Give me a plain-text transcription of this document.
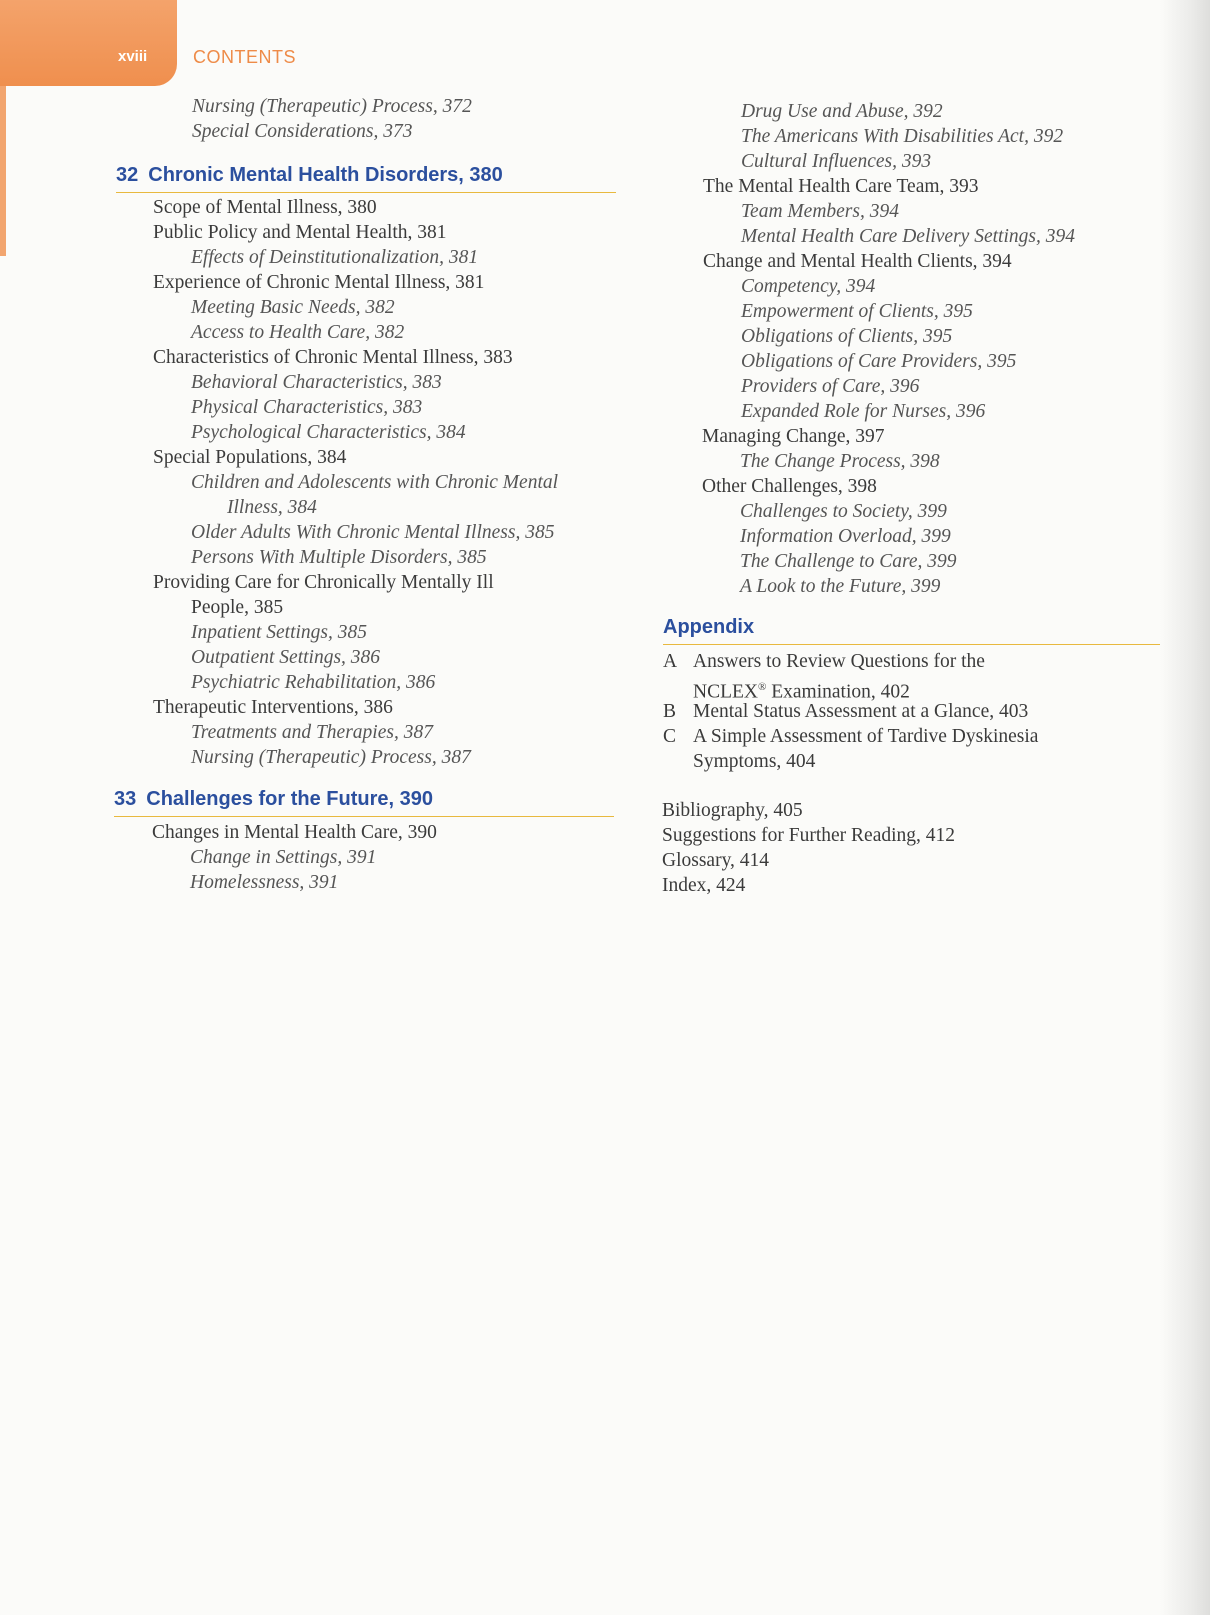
xviii	CONTENTS
Nursing (Therapeutic) Process, 372
Special Considerations, 373
32 Chronic Mental Health Disorders, 380
Scope of Mental Illness, 380
Public Policy and Mental Health, 381
Effects of Deinstitutionalization, 381
Experience of Chronic Mental Illness, 381
Meeting Basic Needs, 382
Access to Health Care, 382
Characteristics of Chronic Mental Illness, 383
Behavioral Characteristics, 383
Physical Characteristics, 383
Psychological Characteristics, 384
Special Populations, 384
Children and Adolescents with Chronic Mental
Illness, 384
Older Adults With Chronic Mental Illness, 385
Persons With Multiple Disorders, 385
Providing Care for Chronically Mentally Ill
People, 385
Inpatient Settings, 385
Outpatient Settings, 386
Psychiatric Rehabilitation, 386
Therapeutic Interventions, 386
Treatments and Therapies, 387
Nursing (Therapeutic) Process, 387
33 Challenges for the Future, 390
Changes in Mental Health Care, 390
Change in Settings, 391
Homelessness, 391
Drug Use and Abuse, 392
The Americans With Disabilities Act, 392
Cultural Influences, 393
The Mental Health Care Team, 393
Team Members, 394
Mental Health Care Delivery Settings, 394
Change and Mental Health Clients, 394
Competency, 394
Empowerment of Clients, 395
Obligations of Clients, 395
Obligations of Care Providers, 395
Providers of Care, 396
Expanded Role for Nurses, 396
Managing Change, 397
The Change Process, 398
Other Challenges, 398
Challenges to Society, 399
Information Overload, 399
The Challenge to Care, 399
A Look to the Future, 399
Appendix
A Answers to Review Questions for the
NCLEX® Examination, 402
B Mental Status Assessment at a Glance, 403
C A Simple Assessment of Tardive Dyskinesia
Symptoms, 404
Bibliography, 405
Suggestions for Further Reading, 412
Glossary, 414
Index, 424
